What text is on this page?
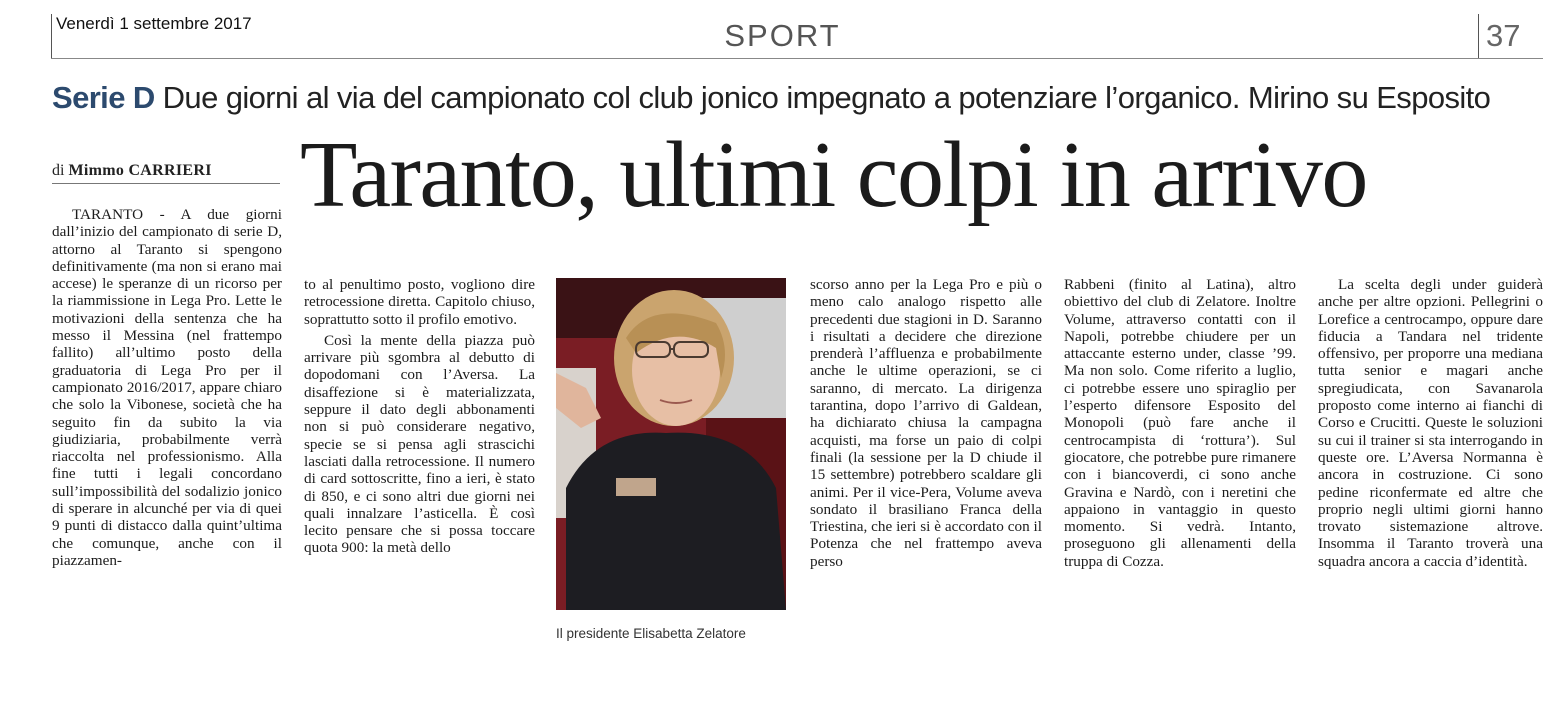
Venerdì 1 settembre 2017	SPORT	37
Serie D Due giorni al via del campionato col club jonico impegnato a potenziare l’organico. Mirino su Esposito
Taranto, ultimi colpi in arrivo
di Mimmo CARRIERI

TARANTO - A due giorni dall’inizio del campionato di serie D, attorno al Taranto si spengono definitivamente (ma non si erano mai accese) le speranze di un ricorso per la riammissione in Lega Pro. Lette le motivazioni della sentenza che ha messo il Messina (nel frattempo fallito) all’ultimo posto della graduatoria di Lega Pro per il campionato 2016/2017, appare chiaro che solo la Vibonese, società che ha seguito fin da subito la via giudiziaria, probabilmente verrà riaccolta nel professionismo. Alla fine tutti i legali concordano sull’impossibilità del sodalizio jonico di sperare in alcunché per via di quei 9 punti di distacco dalla quint’ultima che comunque, anche con il piazzamen-

to al penultimo posto, vogliono dire retrocessione diretta. Capitolo chiuso, soprattutto sotto il profilo emotivo.

Così la mente della piazza può arrivare più sgombra al debutto di dopodomani con l’Aversa. La disaffezione si è materializzata, seppure il dato degli abbonamenti non si può considerare negativo, specie se si pensa agli strascichi lasciati dalla retrocessione. Il numero di card sottoscritte, fino a ieri, è stato di 850, e ci sono altri due giorni nei quali innalzare l’asticella. È così lecito pensare che si possa toccare quota 900: la metà dello

Il presidente Elisabetta Zelatore

scorso anno per la Lega Pro e più o meno calo analogo rispetto alle precedenti due stagioni in D. Saranno i risultati a decidere che direzione prenderà l’affluenza e probabilmente anche le ultime operazioni, se ci saranno, di mercato. La dirigenza tarantina, dopo l’arrivo di Galdean, ha dichiarato chiusa la campagna acquisti, ma forse un paio di colpi finali (la sessione per la D chiude il 15 settembre) potrebbero scaldare gli animi. Per il vice-Pera, Volume aveva sondato il brasiliano Franca della Triestina, che ieri si è accordato con il Potenza che nel frattempo aveva perso

Rabbeni (finito al Latina), altro obiettivo del club di Zelatore. Inoltre Volume, attraverso contatti con il Napoli, potrebbe chiudere per un attaccante esterno under, classe ’99. Ma non solo. Come riferito a luglio, ci potrebbe essere uno spiraglio per l’esperto difensore Esposito del Monopoli (può fare anche il centrocampista di ‘rottura’). Sul giocatore, che potrebbe pure rimanere con i biancoverdi, ci sono anche Gravina e Nardò, con i neretini che appaiono in vantaggio in questo momento. Si vedrà. Intanto, proseguono gli allenamenti della truppa di Cozza.

La scelta degli under guiderà anche per altre opzioni. Pellegrini o Lorefice a centrocampo, oppure dare fiducia a Tandara nel tridente offensivo, per proporre una mediana tutta senior e magari anche spregiudicata, con Savanarola proposto come interno ai fianchi di Corso e Crucitti. Queste le soluzioni su cui il trainer si sta interrogando in queste ore. L’Aversa Normanna è ancora in costruzione. Ci sono pedine riconfermate ed altre che proprio negli ultimi giorni hanno trovato sistemazione altrove. Insomma il Taranto troverà una squadra ancora a caccia d’identità.
